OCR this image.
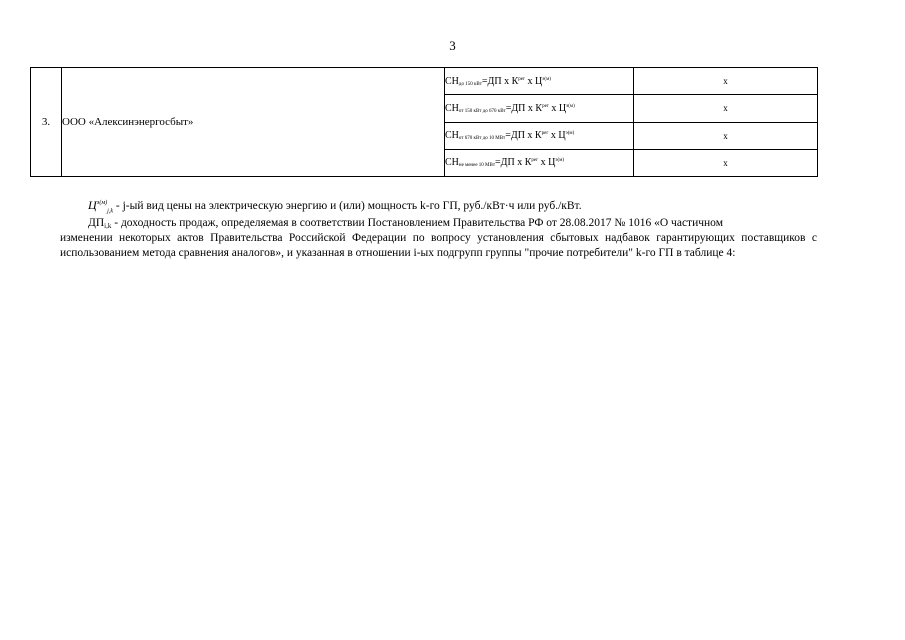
3
3.	ООО «Алексинэнергосбыт»	$СН_{до 150 кВт}=ДП$ х $К^{рег}$ х $Ц^{э(м)}$	х
		$СН_{от 150 кВт до 670 кВт}=ДП$ х $К^{рег}$ х $Ц^{э(м)}$	х
		$СН_{от 670 кВт до 10 МВт}=ДП$ х $К^{рег}$ х $Ц^{э(м)}$	х
		$СН_{не менее 10 МВт}=ДП$ х $К^{рег}$ х $Ц^{э(м)}$	х
$Ц^{э(м)}_{j,k} - j-ый$ вид цены на электрическую энергию и (или) мощность k-го ГП, руб./кВт·ч или руб./кВт.
ДПi,k - доходность продаж, определяемая в соответствии Постановлением Правительства РФ от 28.08.2017 № 1016 «О частичном
изменении некоторых актов Правительства Российской Федерации по вопросу установления сбытовых надбавок гарантирующих поставщиков с использованием метода сравнения аналогов», и указанная в отношении i-ых подгрупп группы "прочие потребители" k-го ГП в таблице 4:
